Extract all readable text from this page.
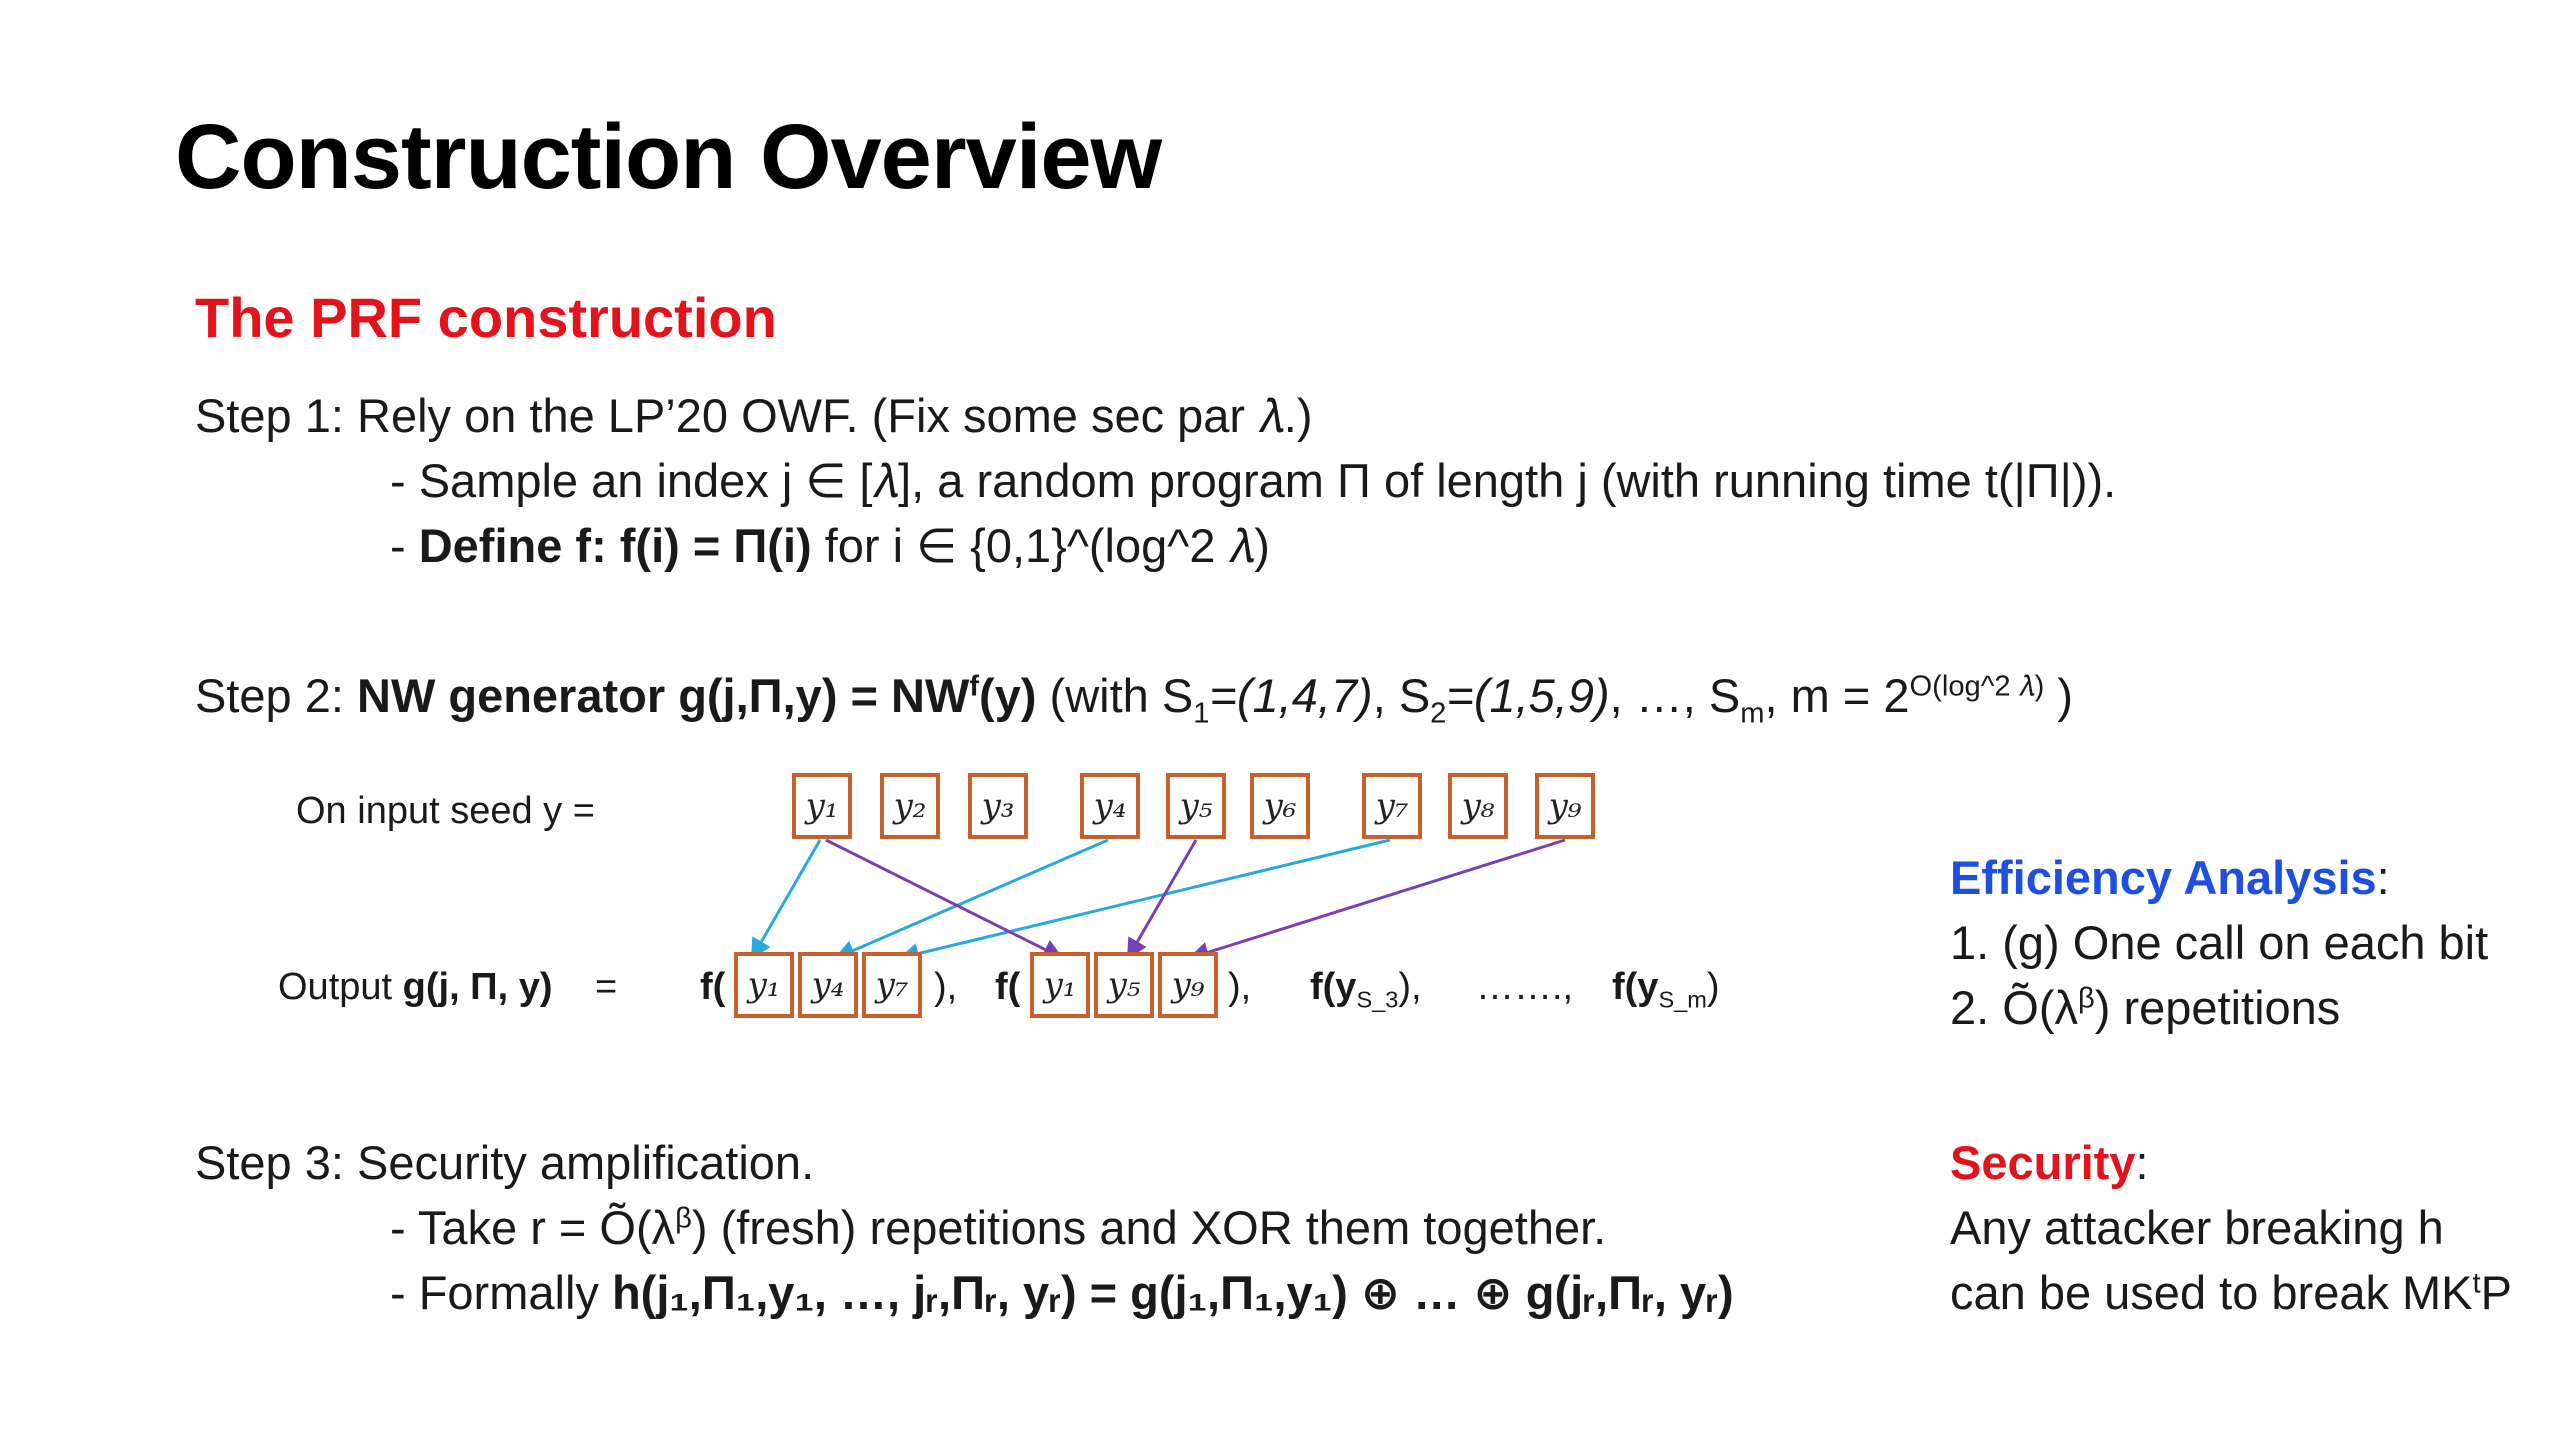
Construction Overview
The PRF construction
Step 1: Rely on the LP’20 OWF. (Fix some sec par 𝜆.)
- Sample an index j ∈ [𝜆], a random program Π of length j (with running time t(|Π|)).
- Define f: f(i) = Π(i) for i ∈ {0,1}^(log^2 𝜆)
Step 2: NW generator $g(j,\Pi,y) = NW^f(y)$ (with $S_1=(1,4,7)$, $S_2=(1,5,9)$, …, $S_m$, $m = 2^{O(log\^{}2 𝜆)}$ )
On input seed y =	y₁	y₂	y₃	y₄	y₅	y₆	y₇	y₈	y₉
Output g(j, Π, y) = f( y₁ y₄ y₇ ), f( y₁ y₅ y₉ ), $f(y_{S\_3})$, ……., $f(y_{S\_m})$
Efficiency Analysis:
1. (g) One call on each bit
2. $Õ(\lambda^\beta)$ repetitions
Step 3: Security amplification.
- Take $r = Õ(\lambda^\beta)$ (fresh) repetitions and XOR them together.
- Formally h(j₁,Π₁,y₁, …, jᵣ,Πᵣ, yᵣ) = g(j₁,Π₁,y₁) ⊕ … ⊕ g(jᵣ,Πᵣ, yᵣ)
Security:
Any attacker breaking h
can be used to break $MK^tP$
